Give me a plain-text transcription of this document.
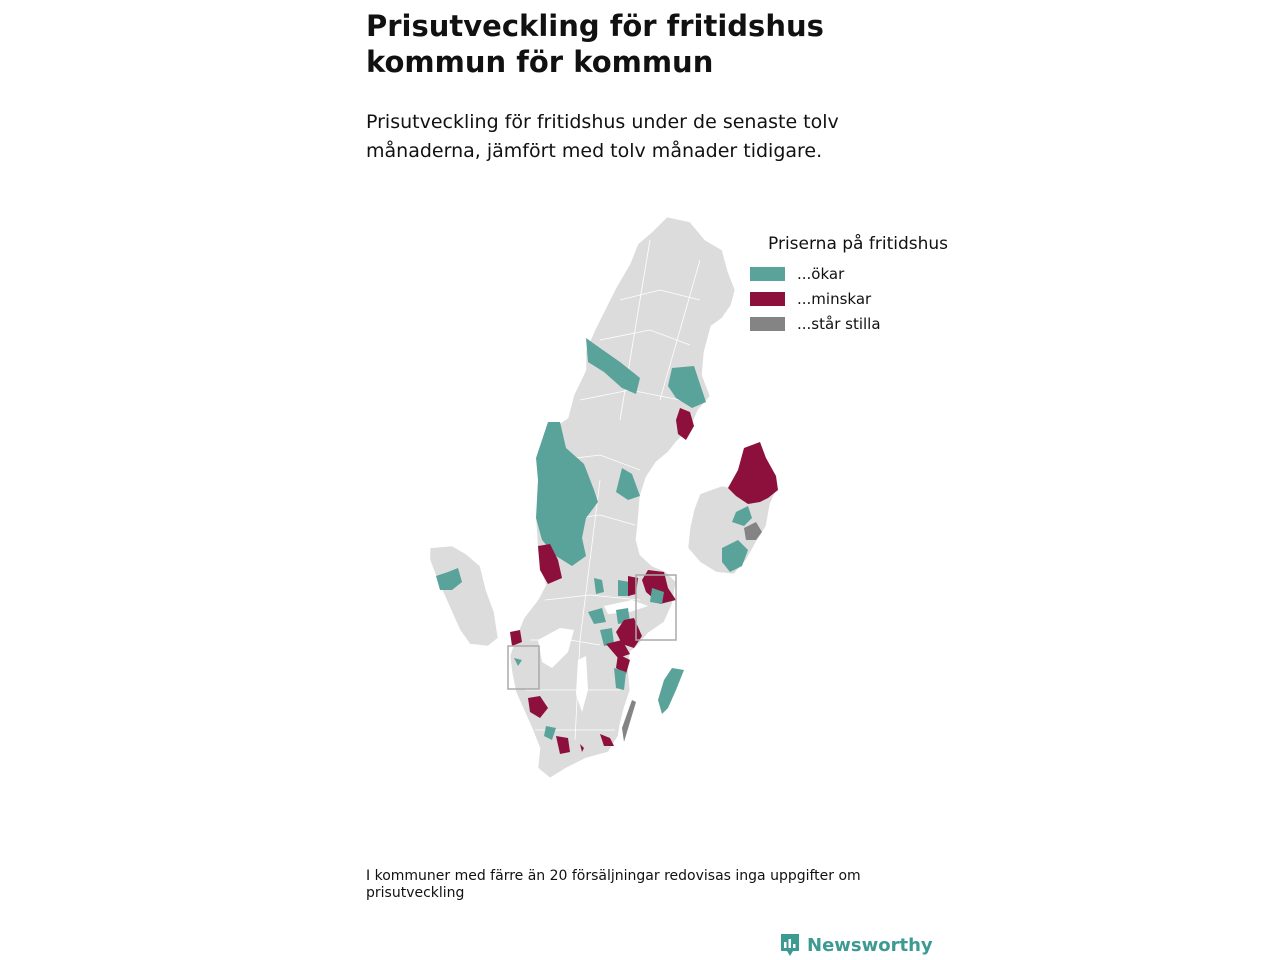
Prisutveckling för fritidshus kommun för kommun

Prisutveckling för fritidshus under de senaste tolv månaderna, jämfört med tolv månader tidigare.

Priserna på fritidshus
...ökar
...minskar
...står stilla
I kommuner med färre än 20 försäljningar redovisas inga uppgifter om prisutveckling
Newsworthy
